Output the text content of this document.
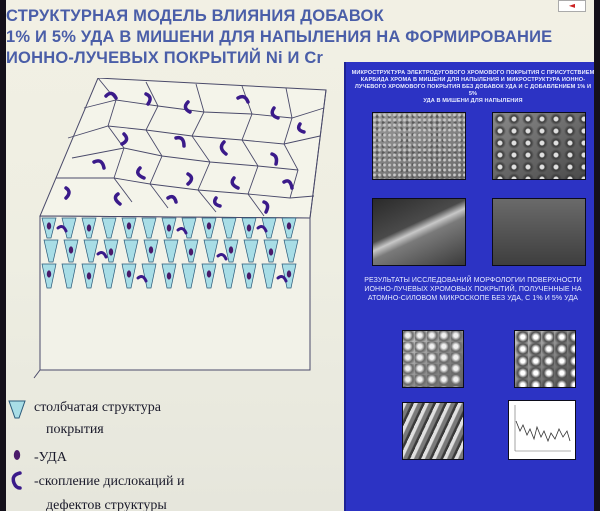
◄
СТРУКТУРНАЯ МОДЕЛЬ ВЛИЯНИЯ ДОБАВОК
1% И 5% УДА В МИШЕНИ ДЛЯ НАПЫЛЕНИЯ НА ФОРМИРОВАНИЕ
ИОННО-ЛУЧЕВЫХ ПОКРЫТИЙ Ni И Cr
столбчатая структура
покрытия
-УДА
-скопление дислокаций и
дефектов структуры
МИКРОСТРУКТУРА ЭЛЕКТРОДУГОВОГО ХРОМОВОГО ПОКРЫТИЯ С ПРИСУТСТВИЕМ
КАРБИДА ХРОМА В МИШЕНИ ДЛЯ НАПЫЛЕНИЯ И МИКРОСТРУКТУРА ИОННО-
ЛУЧЕВОГО ХРОМОВОГО ПОКРЫТИЯ БЕЗ ДОБАВОК УДА И С ДОБАВЛЕНИЕМ 1% И 5%
УДА В МИШЕНИ ДЛЯ НАПЫЛЕНИЯ
РЕЗУЛЬТАТЫ ИССЛЕДОВАНИЙ МОРФОЛОГИИ ПОВЕРХНОСТИ
ИОННО-ЛУЧЕВЫХ ХРОМОВЫХ ПОКРЫТИЙ, ПОЛУЧЕННЫЕ НА
АТОМНО-СИЛОВОМ МИКРОСКОПЕ БЕЗ УДА, С 1% И 5% УДА
